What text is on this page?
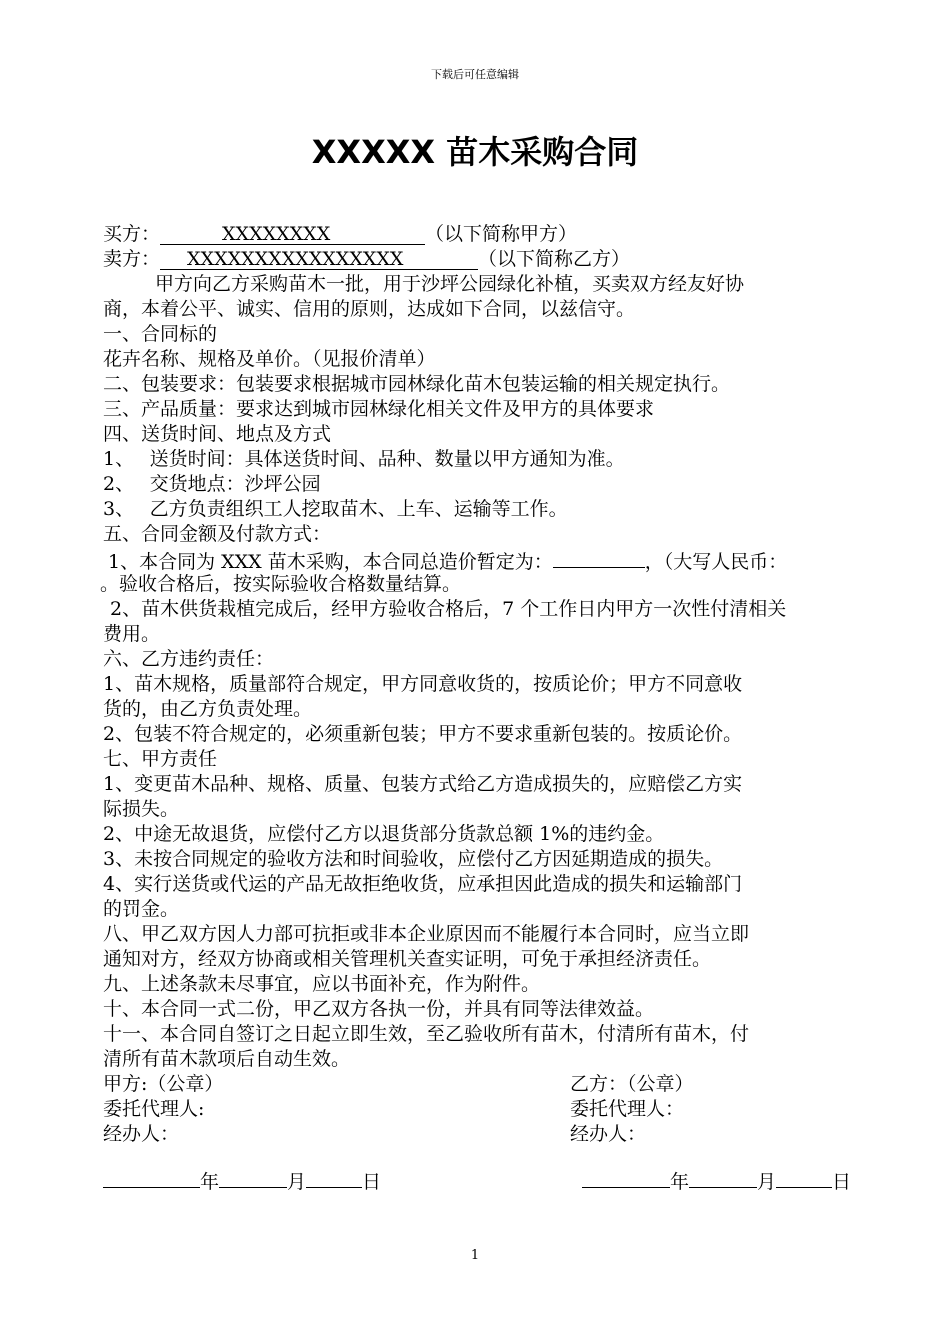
下载后可任意编辑
XXXXX 苗木采购合同
买方：	XXXXXXXX	（以下简称甲方）
卖方： XXXXXXXXXXXXXXXX	（以下简称乙方）
甲方向乙方采购苗木一批，用于沙坪公园绿化补植，买卖双方经友好协
商，本着公平、诚实、信用的原则，达成如下合同，以兹信守。
一、合同标的
花卉名称、规格及单价。（见报价清单）
二、包装要求：包装要求根据城市园林绿化苗木包装运输的相关规定执行。
三、产品质量：要求达到城市园林绿化相关文件及甲方的具体要求
四、送货时间、地点及方式
1、　 送货时间：具体送货时间、品种、数量以甲方通知为准。
2、　 交货地点：沙坪公园
3、　 乙方负责组织工人挖取苗木、上车、运输等工作。
五、合同金额及付款方式：
1、本合同为 XXX 苗木采购，本合同总造价暂定为：	，（大写人民币：
。验收合格后，按实际验收合格数量结算。
2、苗木供货栽植完成后，经甲方验收合格后，7 个工作日内甲方一次性付清相关
费用。
六、乙方违约责任：
1、苗木规格，质量部符合规定，甲方同意收货的，按质论价；甲方不同意收
货的，由乙方负责处理。
2、包装不符合规定的，必须重新包装；甲方不要求重新包装的。按质论价。
七、甲方责任
1、变更苗木品种、规格、质量、包装方式给乙方造成损失的，应赔偿乙方实
际损失。
2、中途无故退货，应偿付乙方以退货部分货款总额 1%的违约金。
3、未按合同规定的验收方法和时间验收，应偿付乙方因延期造成的损失。
4、实行送货或代运的产品无故拒绝收货，应承担因此造成的损失和运输部门
的罚金。
八、甲乙双方因人力部可抗拒或非本企业原因而不能履行本合同时，应当立即
通知对方，经双方协商或相关管理机关查实证明，可免于承担经济责任。
九、上述条款未尽事宜，应以书面补充，作为附件。
十、本合同一式二份，甲乙双方各执一份，并具有同等法律效益。
十一、本合同自签订之日起立即生效，至乙验收所有苗木，付清所有苗木，付
清所有苗木款项后自动生效。
甲方:（公章）
委托代理人:
经办人：
乙方：（公章）
委托代理人：
经办人：
年	月	日	年	月	日
1
